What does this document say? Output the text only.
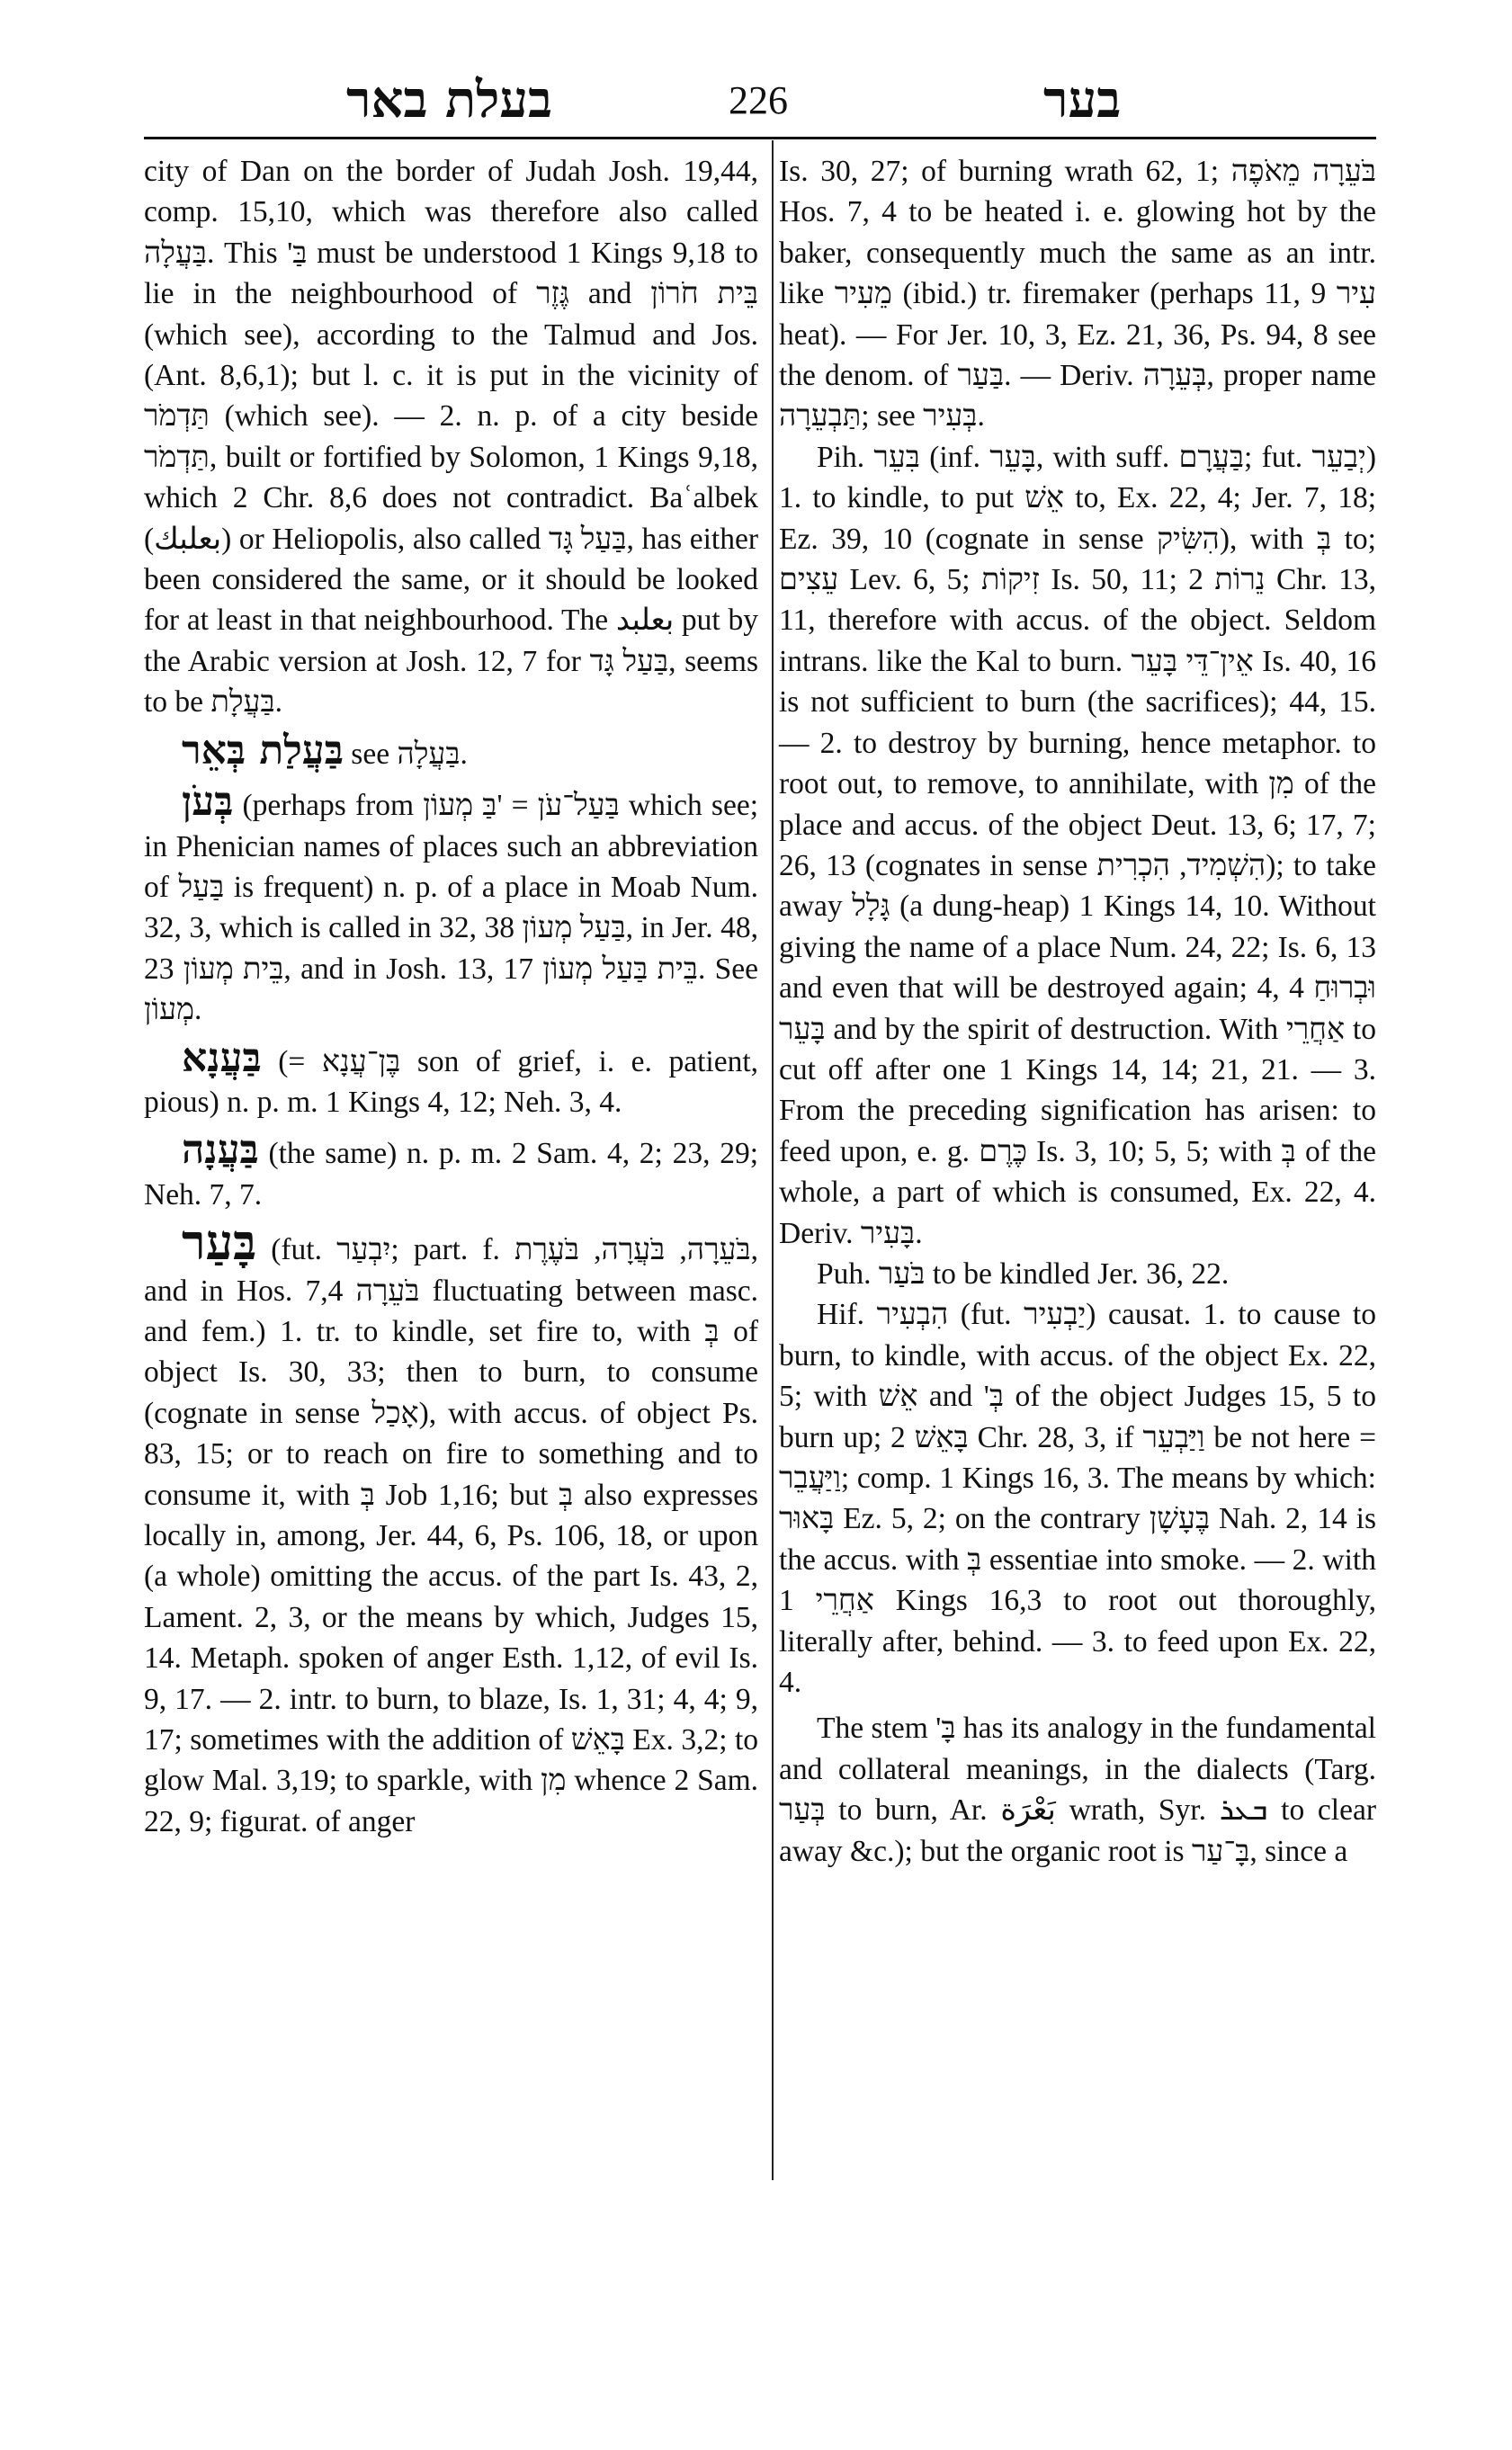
בעלת באר	226	בער

city of Dan on the border of Judah Josh. 19,44, comp. 15,10, which was therefore also called בַּעֲלָה. This 'בַּ must be understood 1 Kings 9,18 to lie in the neighbourhood of גֶּזֶר and בֵּית חֹרוֹן (which see), according to the Talmud and Jos. (Ant. 8,6,1); but l. c. it is put in the vicinity of תַּדְמֹר (which see). — 2. n. p. of a city beside תַּדְמֹר, built or fortified by Solomon, 1 Kings 9,18, which 2 Chr. 8,6 does not contradict. Baʿalbek (بعلبك) or Heliopolis, also called בַּעַל גָּד, has either been considered the same, or it should be looked for at least in that neighbourhood. The بعلبد put by the Arabic version at Josh. 12, 7 for בַּעַל גָּד, seems to be בַּעֲלָת.

בַּעֲלַת בְּאֵר see בַּעֲלָה.

בְּעֹן (perhaps from בַּעַל־עֹן = 'בַּ מְעוֹן which see; in Phenician names of places such an abbreviation of בַּעַל is frequent) n. p. of a place in Moab Num. 32, 3, which is called in 32, 38 בַּעַל מְעוֹן, in Jer. 48, 23 בֵּית מְעוֹן, and in Josh. 13, 17 בֵּית בַּעַל מְעוֹן. See מְעוֹן.

בַּעֲנָא (= בֶּן־עֲנָא son of grief, i. e. patient, pious) n. p. m. 1 Kings 4, 12; Neh. 3, 4.

בַּעֲנָה (the same) n. p. m. 2 Sam. 4, 2; 23, 29; Neh. 7, 7.

בָּעַר (fut. יִבְעַר; part. f. בֹּעֵרָה, בֹּעֲרָה, בֹּעֶרֶת, and in Hos. 7,4 בֹּעֵרָה fluctuating between masc. and fem.) 1. tr. to kindle, set fire to, with בְּ of object Is. 30, 33; then to burn, to consume (cognate in sense אָכַל), with accus. of object Ps. 83, 15; or to reach on fire to something and to consume it, with בְּ Job 1,16; but בְּ also expresses locally in, among, Jer. 44, 6, Ps. 106, 18, or upon (a whole) omitting the accus. of the part Is. 43, 2, Lament. 2, 3, or the means by which, Judges 15, 14. Metaph. spoken of anger Esth. 1,12, of evil Is. 9, 17. — 2. intr. to burn, to blaze, Is. 1, 31; 4, 4; 9, 17; sometimes with the addition of בָּאֵשׁ Ex. 3,2; to glow Mal. 3,19; to sparkle, with מִן whence 2 Sam. 22, 9; figurat. of anger

Is. 30, 27; of burning wrath 62, 1; בֹּעֵרָה מֵאֹפֶה Hos. 7, 4 to be heated i. e. glowing hot by the baker, consequently much the same as an intr. like מֵעִיר (ibid.) tr. firemaker (perhaps 11, 9 עִיר heat). — For Jer. 10, 3, Ez. 21, 36, Ps. 94, 8 see the denom. of בַּעַר. — Deriv. בְּעֵרָה, proper name תַּבְעֵרָה; see בְּעִיר.

Pih. בִּעֵר (inf. בָּעֵר, with suff. בַּעֲרָם; fut. יְבַעֵר) 1. to kindle, to put אֵשׁ to, Ex. 22, 4; Jer. 7, 18; Ez. 39, 10 (cognate in sense הִשִּׂיק), with בְּ to; עֵצִים Lev. 6, 5; זִיקוֹת Is. 50, 11; נֵרוֹת 2 Chr. 13, 11, therefore with accus. of the object. Seldom intrans. like the Kal to burn. אֵין־דֵּי בָּעֵר Is. 40, 16 is not sufficient to burn (the sacrifices); 44, 15. — 2. to destroy by burning, hence metaphor. to root out, to remove, to annihilate, with מִן of the place and accus. of the object Deut. 13, 6; 17, 7; 26, 13 (cognates in sense הִשְׁמִיד, הִכְרִית); to take away גָּלָל (a dung-heap) 1 Kings 14, 10. Without giving the name of a place Num. 24, 22; Is. 6, 13 and even that will be destroyed again; 4, 4 וּבְרוּחַ בָּעֵר and by the spirit of destruction. With אַחֲרֵי to cut off after one 1 Kings 14, 14; 21, 21. — 3. From the preceding signification has arisen: to feed upon, e. g. כֶּרֶם Is. 3, 10; 5, 5; with בְּ of the whole, a part of which is consumed, Ex. 22, 4. Deriv. בָּעִיר.

Puh. בֹּעַר to be kindled Jer. 36, 22.

Hif. הִבְעִיר (fut. יַבְעִיר) causat. 1. to cause to burn, to kindle, with accus. of the object Ex. 22, 5; with אֵשׁ and 'בְּ of the object Judges 15, 5 to burn up; בָּאֵשׁ 2 Chr. 28, 3, if וַיַּבְעֵר be not here = וַיַּעֲבֵר; comp. 1 Kings 16, 3. The means by which: בָּאוּר Ez. 5, 2; on the contrary בֶּעָשָׁן Nah. 2, 14 is the accus. with בְּ essentiae into smoke. — 2. with אַחֲרֵי 1 Kings 16,3 to root out thoroughly, literally after, behind. — 3. to feed upon Ex. 22, 4.

The stem 'בָּ has its analogy in the fundamental and collateral meanings, in the dialects (Targ. בְּעַר to burn, Ar. بَعْرَة wrath, Syr. ܒܥܪ to clear away &c.); but the organic root is בָּ־עַר, since a
